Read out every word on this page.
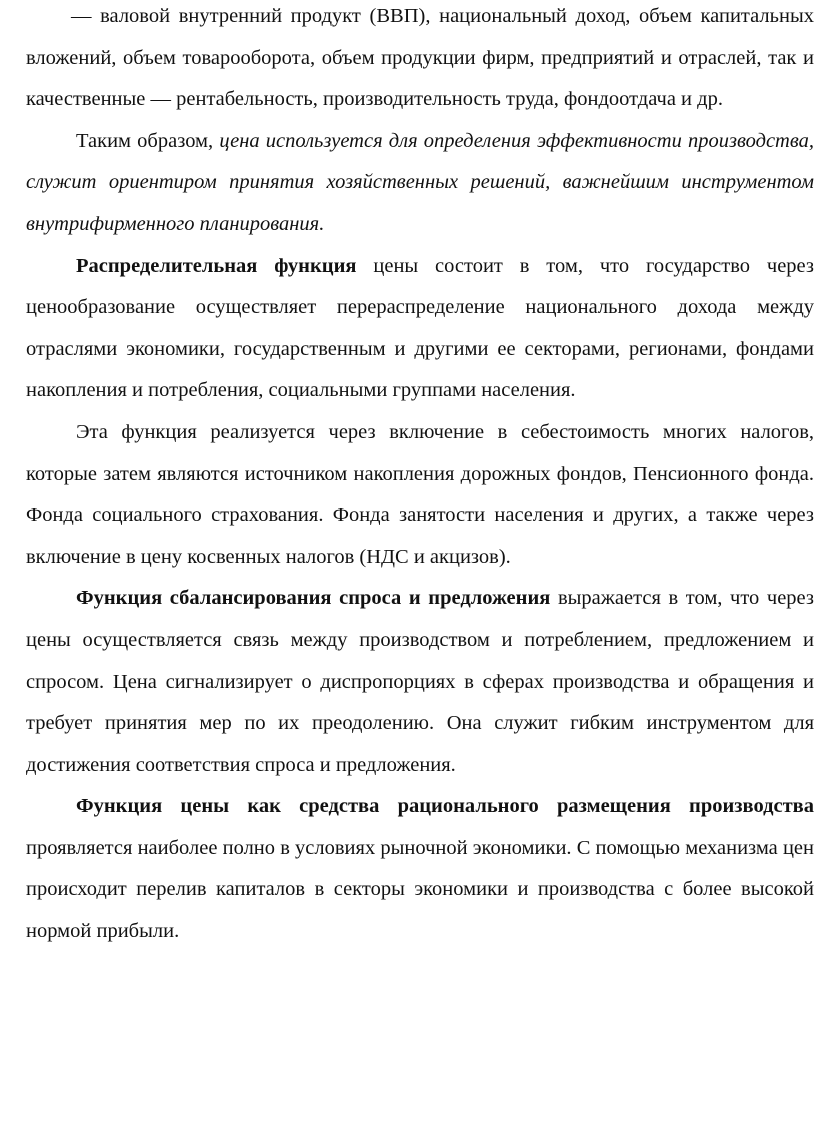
— валовой внутренний продукт (ВВП), национальный доход, объем капитальных вложений, объем товарооборота, объем продукции фирм, предприятий и отраслей, так и качественные — рентабельность, производительность труда, фондоотдача и др.

Таким образом, цена используется для определения эффективности производства, служит ориентиром принятия хозяйственных решений, важнейшим инструментом внутрифирменного планирования.

Распределительная функция цены состоит в том, что государство через ценообразование осуществляет перераспределение национального дохода между отраслями экономики, государственным и другими ее секторами, регионами, фондами накопления и потребления, социальными группами населения.

Эта функция реализуется через включение в себестоимость многих налогов, которые затем являются источником накопления дорожных фондов, Пенсионного фонда. Фонда социального страхования. Фонда занятости населения и других, а также через включение в цену косвенных налогов (НДС и акцизов).

Функция сбалансирования спроса и предложения выражается в том, что через цены осуществляется связь между производством и потреблением, предложением и спросом. Цена сигнализирует о диспропорциях в сферах производства и обращения и требует принятия мер по их преодолению. Она служит гибким инструментом для достижения соответствия спроса и предложения.

Функция цены как средства рационального размещения производства проявляется наиболее полно в условиях рыночной экономики. С помощью механизма цен происходит перелив капиталов в секторы экономики и производства с более высокой нормой прибыли.
